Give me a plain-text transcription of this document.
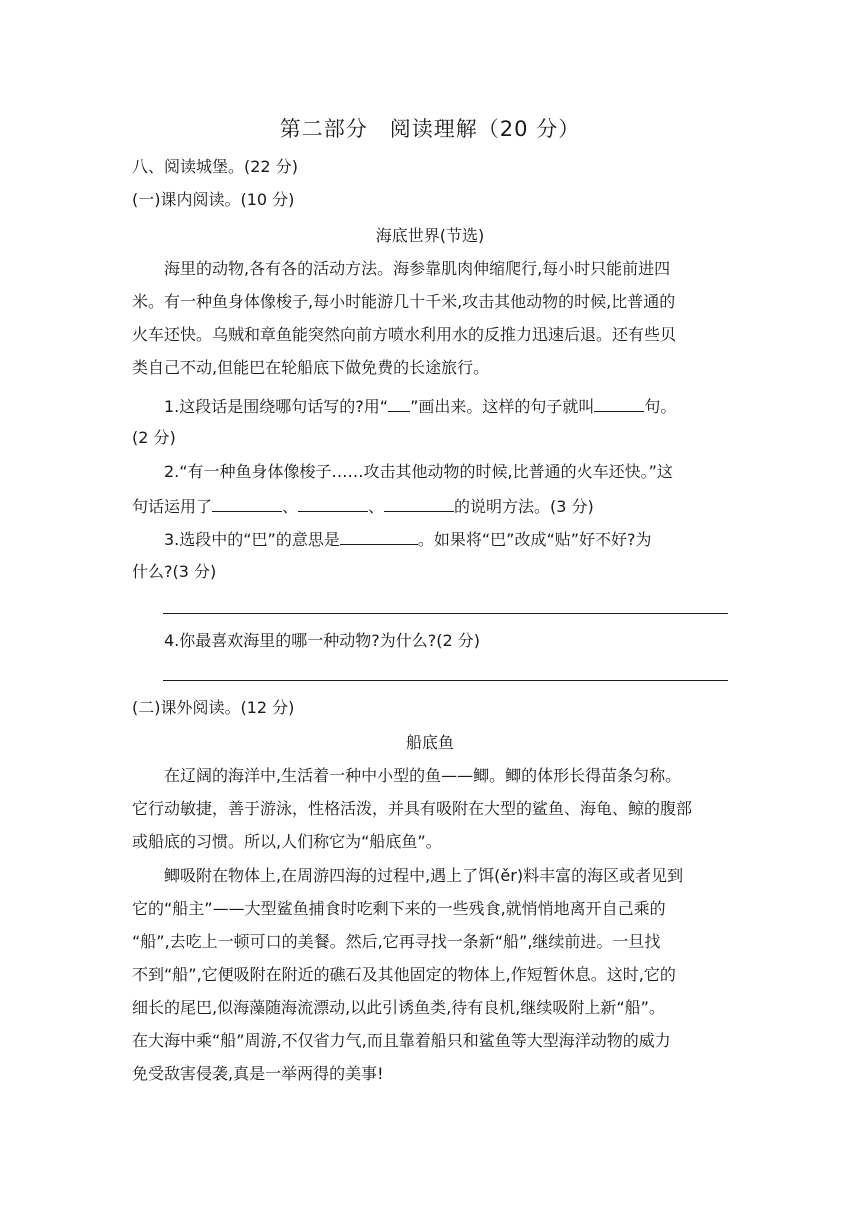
第二部分　阅读理解（20 分）
八、阅读城堡。(22 分)
(一)课内阅读。(10 分)
海底世界(节选)
海里的动物,各有各的活动方法。海参靠肌肉伸缩爬行,每小时只能前进四
米。有一种鱼身体像梭子,每小时能游几十千米,攻击其他动物的时候,比普通的
火车还快。乌贼和章鱼能突然向前方喷水利用水的反推力迅速后退。还有些贝
类自己不动,但能巴在轮船底下做免费的长途旅行。
1.这段话是围绕哪句话写的?用“ ”画出来。这样的句子就叫	句。
(2 分)
2.“有一种鱼身体像梭子……攻击其他动物的时候,比普通的火车还快。”这
句话运用了	、	、	的说明方法。(3 分)
3.选段中的“巴”的意思是	。如果将“巴”改成“贴”好不好?为
什么?(3 分)
4.你最喜欢海里的哪一种动物?为什么?(2 分)
(二)课外阅读。(12 分)
船底鱼
在辽阔的海洋中,生活着一种中小型的鱼——鲫。鲫的体形长得苗条匀称。
它行动敏捷，善于游泳，性格活泼，并具有吸附在大型的鲨鱼、海龟、鲸的腹部
或船底的习惯。所以,人们称它为“船底鱼”。
鲫吸附在物体上,在周游四海的过程中,遇上了饵(ěr)料丰富的海区或者见到
它的“船主”——大型鲨鱼捕食时吃剩下来的一些残食,就悄悄地离开自己乘的
“船”,去吃上一顿可口的美餐。然后,它再寻找一条新“船”,继续前进。一旦找
不到“船”,它便吸附在附近的礁石及其他固定的物体上,作短暂休息。这时,它的
细长的尾巴,似海藻随海流漂动,以此引诱鱼类,待有良机,继续吸附上新“船”。
在大海中乘“船”周游,不仅省力气,而且靠着船只和鲨鱼等大型海洋动物的威力
免受敌害侵袭,真是一举两得的美事!
